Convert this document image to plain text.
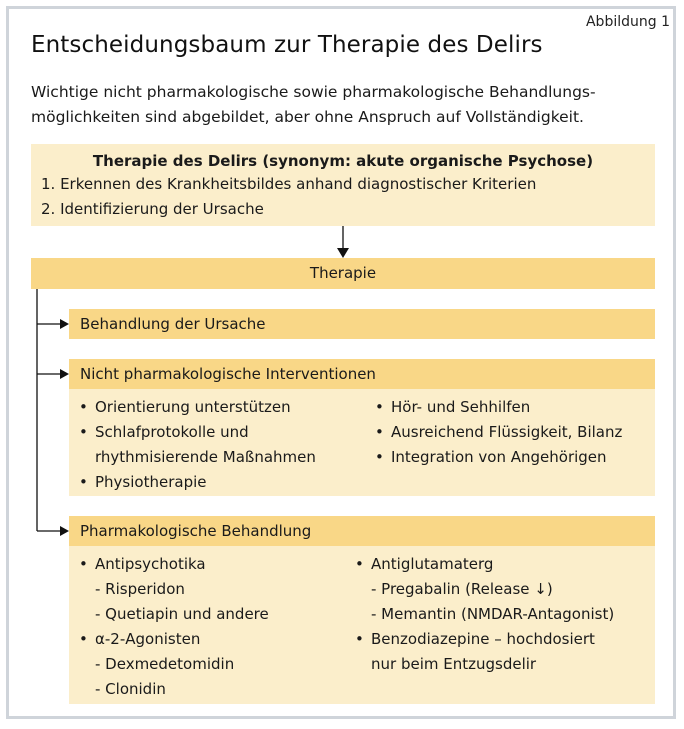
Abbildung 1
Entscheidungsbaum zur Therapie des Delirs
Wichtige nicht pharmakologische sowie pharmakologische Behandlungs-
möglichkeiten sind abgebildet, aber ohne Anspruch auf Vollständigkeit.
Therapie des Delirs (synonym: akute organische Psychose)
1. Erkennen des Krankheitsbildes anhand diagnostischer Kriterien
2. Identifizierung der Ursache
Therapie
Behandlung der Ursache
Nicht pharmakologische Interventionen
• Orientierung unterstützen
• Schlafprotokolle und
rhythmisierende Maßnahmen
• Physiotherapie
• Hör- und Sehhilfen
• Ausreichend Flüssigkeit, Bilanz
• Integration von Angehörigen
Pharmakologische Behandlung
• Antipsychotika
- Risperidon
- Quetiapin und andere
• α-2-Agonisten
- Dexmedetomidin
- Clonidin
• Antiglutamaterg
- Pregabalin (Release ↓)
- Memantin (NMDAR-Antagonist)
• Benzodiazepine – hochdosiert
nur beim Entzugsdelir
